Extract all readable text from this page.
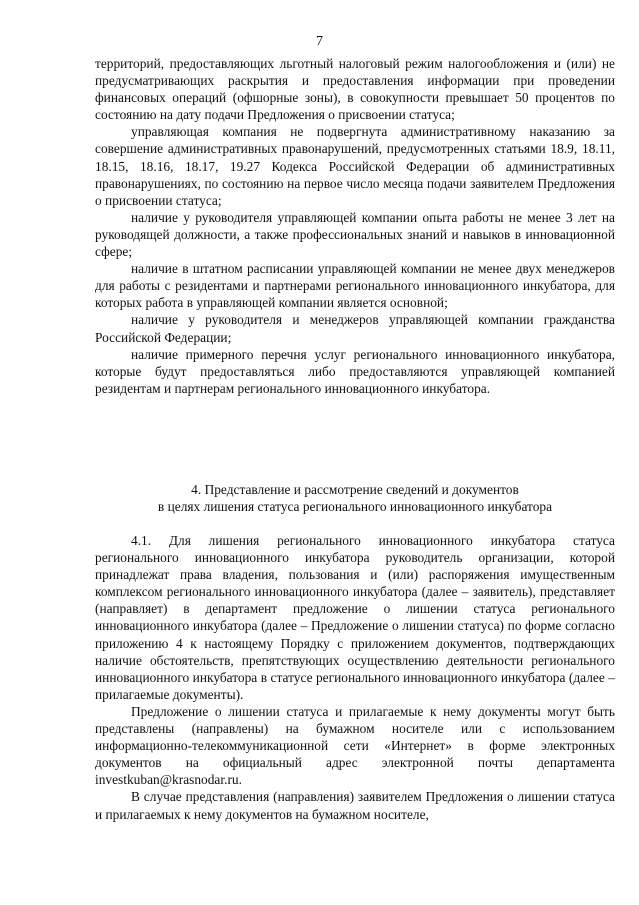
7

территорий, предоставляющих льготный налоговый режим налогообложения и (или) не предусматривающих раскрытия и предоставления информации при проведении финансовых операций (офшорные зоны), в совокупности превышает 50 процентов по состоянию на дату подачи Предложения о присвоении статуса;

управляющая компания не подвергнута административному наказанию за совершение административных правонарушений, предусмотренных статьями 18.9, 18.11, 18.15, 18.16, 18.17, 19.27 Кодекса Российской Федерации об административных правонарушениях, по состоянию на первое число месяца подачи заявителем Предложения о присвоении статуса;

наличие у руководителя управляющей компании опыта работы не менее 3 лет на руководящей должности, а также профессиональных знаний и навыков в инновационной сфере;

наличие в штатном расписании управляющей компании не менее двух менеджеров для работы с резидентами и партнерами регионального инновационного инкубатора, для которых работа в управляющей компании является основной;

наличие у руководителя и менеджеров управляющей компании гражданства Российской Федерации;

наличие примерного перечня услуг регионального инновационного инкубатора, которые будут предоставляться либо предоставляются управляющей компанией резидентам и партнерам регионального инновационного инкубатора.

4. Представление и рассмотрение сведений и документов
в целях лишения статуса регионального инновационного инкубатора

4.1. Для лишения регионального инновационного инкубатора статуса регионального инновационного инкубатора руководитель организации, которой принадлежат права владения, пользования и (или) распоряжения имущественным комплексом регионального инновационного инкубатора (далее – заявитель), представляет (направляет) в департамент предложение о лишении статуса регионального инновационного инкубатора (далее – Предложение о лишении статуса) по форме согласно приложению 4 к настоящему Порядку с приложением документов, подтверждающих наличие обстоятельств, препятствующих осуществлению деятельности регионального инновационного инкубатора в статусе регионального инновационного инкубатора (далее – прилагаемые документы).

Предложение о лишении статуса и прилагаемые к нему документы могут быть представлены (направлены) на бумажном носителе или с использованием информационно-телекоммуникационной сети «Интернет» в форме электронных документов на официальный адрес электронной почты департамента investkuban@krasnodar.ru.

В случае представления (направления) заявителем Предложения о лишении статуса и прилагаемых к нему документов на бумажном носителе,
